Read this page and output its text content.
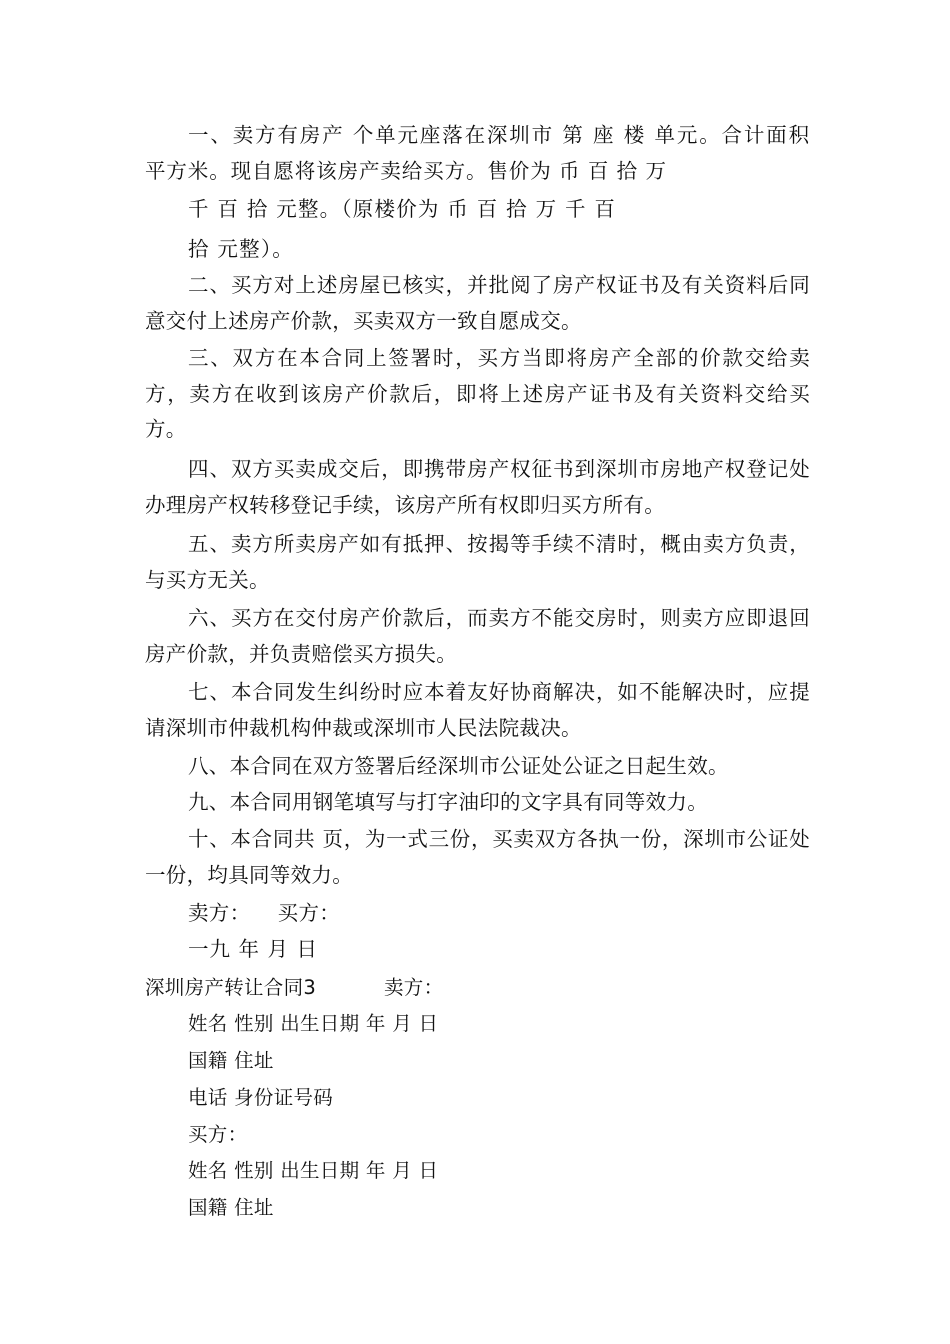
一、卖方有房产 个单元座落在深圳市 第 座 楼 单元。合计面积 平方米。现自愿将该房产卖给买方。售价为 币 百 拾 万
千 百 拾 元整。（原楼价为 币 百 拾 万 千 百
拾 元整）。
二、买方对上述房屋已核实，并批阅了房产权证书及有关资料后同意交付上述房产价款，买卖双方一致自愿成交。
三、双方在本合同上签署时，买方当即将房产全部的价款交给卖方，卖方在收到该房产价款后，即将上述房产证书及有关资料交给买方。
四、双方买卖成交后，即携带房产权征书到深圳市房地产权登记处办理房产权转移登记手续，该房产所有权即归买方所有。
五、卖方所卖房产如有抵押、按揭等手续不清时，概由卖方负责，与买方无关。
六、买方在交付房产价款后，而卖方不能交房时，则卖方应即退回房产价款，并负责赔偿买方损失。
七、本合同发生纠纷时应本着友好协商解决，如不能解决时，应提请深圳市仲裁机构仲裁或深圳市人民法院裁决。
八、本合同在双方签署后经深圳市公证处公证之日起生效。
九、本合同用钢笔填写与打字油印的文字具有同等效力。
十、本合同共 页，为一式三份，买卖双方各执一份，深圳市公证处一份，均具同等效力。
卖方：    买方：
一九 年 月 日
深圳房产转让合同3	卖方：
姓名 性别 出生日期 年 月 日
国籍 住址
电话 身份证号码
买方：
姓名 性别 出生日期 年 月 日
国籍 住址
